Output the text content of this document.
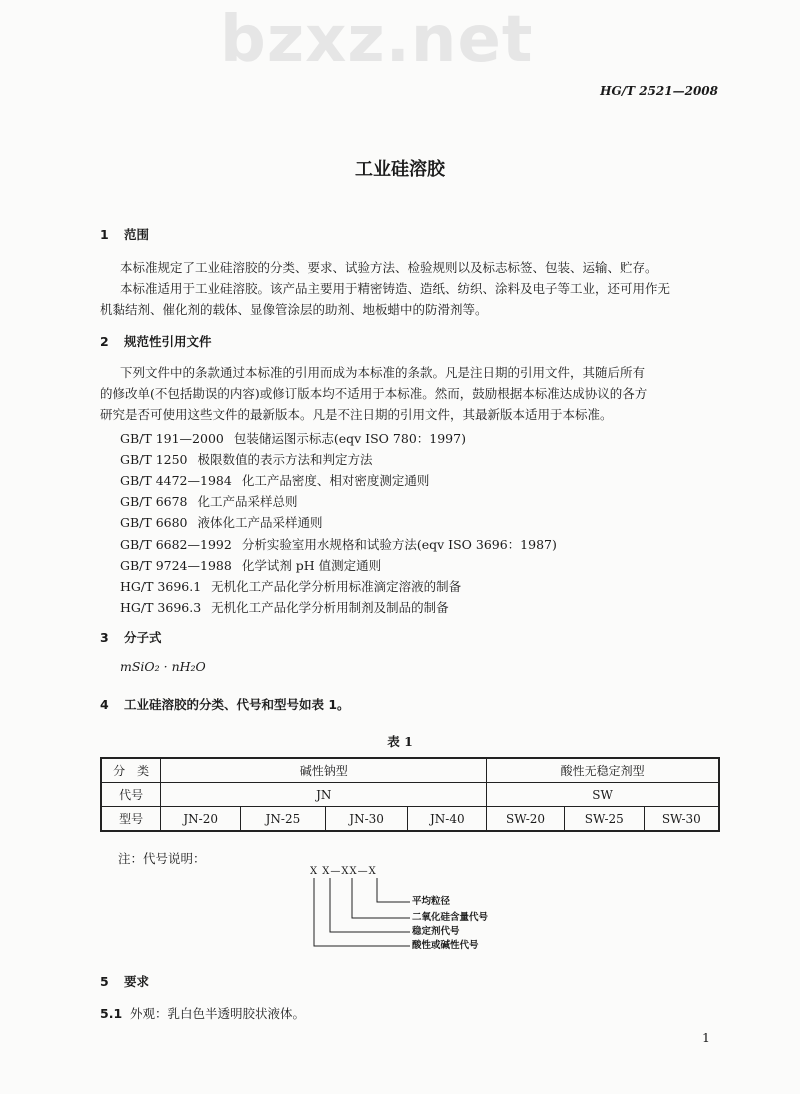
HG/T 2521—2008
bzxz.net
工业硅溶胶
1 范围
本标准规定了工业硅溶胶的分类、要求、试验方法、检验规则以及标志标签、包装、运输、贮存。
本标准适用于工业硅溶胶。该产品主要用于精密铸造、造纸、纺织、涂料及电子等工业，还可用作无
机黏结剂、催化剂的载体、显像管涂层的助剂、地板蜡中的防滑剂等。
2 规范性引用文件
下列文件中的条款通过本标准的引用而成为本标准的条款。凡是注日期的引用文件，其随后所有
的修改单(不包括勘误的内容)或修订版本均不适用于本标准。然而，鼓励根据本标准达成协议的各方
研究是否可使用这些文件的最新版本。凡是不注日期的引用文件，其最新版本适用于本标准。
GB/T 191—2000 包装储运图示标志(eqv ISO 780：1997)
GB/T 1250 极限数值的表示方法和判定方法
GB/T 4472—1984 化工产品密度、相对密度测定通则
GB/T 6678 化工产品采样总则
GB/T 6680 液体化工产品采样通则
GB/T 6682—1992 分析实验室用水规格和试验方法(eqv ISO 3696：1987)
GB/T 9724—1988 化学试剂 pH 值测定通则
HG/T 3696.1 无机化工产品化学分析用标准滴定溶液的制备
HG/T 3696.3 无机化工产品化学分析用制剂及制品的制备
3 分子式
mSiO₂ · nH₂O
4 工业硅溶胶的分类、代号和型号如表 1。
表 1
分　类	碱性钠型				酸性无稳定剂型		
代号	JN				SW		
型号	JN-20	JN-25	JN-30	JN-40	SW-20	SW-25	SW-30
注：代号说明：
X X—XX—X
平均粒径
二氧化硅含量代号
稳定剂代号
酸性或碱性代号
5 要求
5.1 外观：乳白色半透明胶状液体。
1
